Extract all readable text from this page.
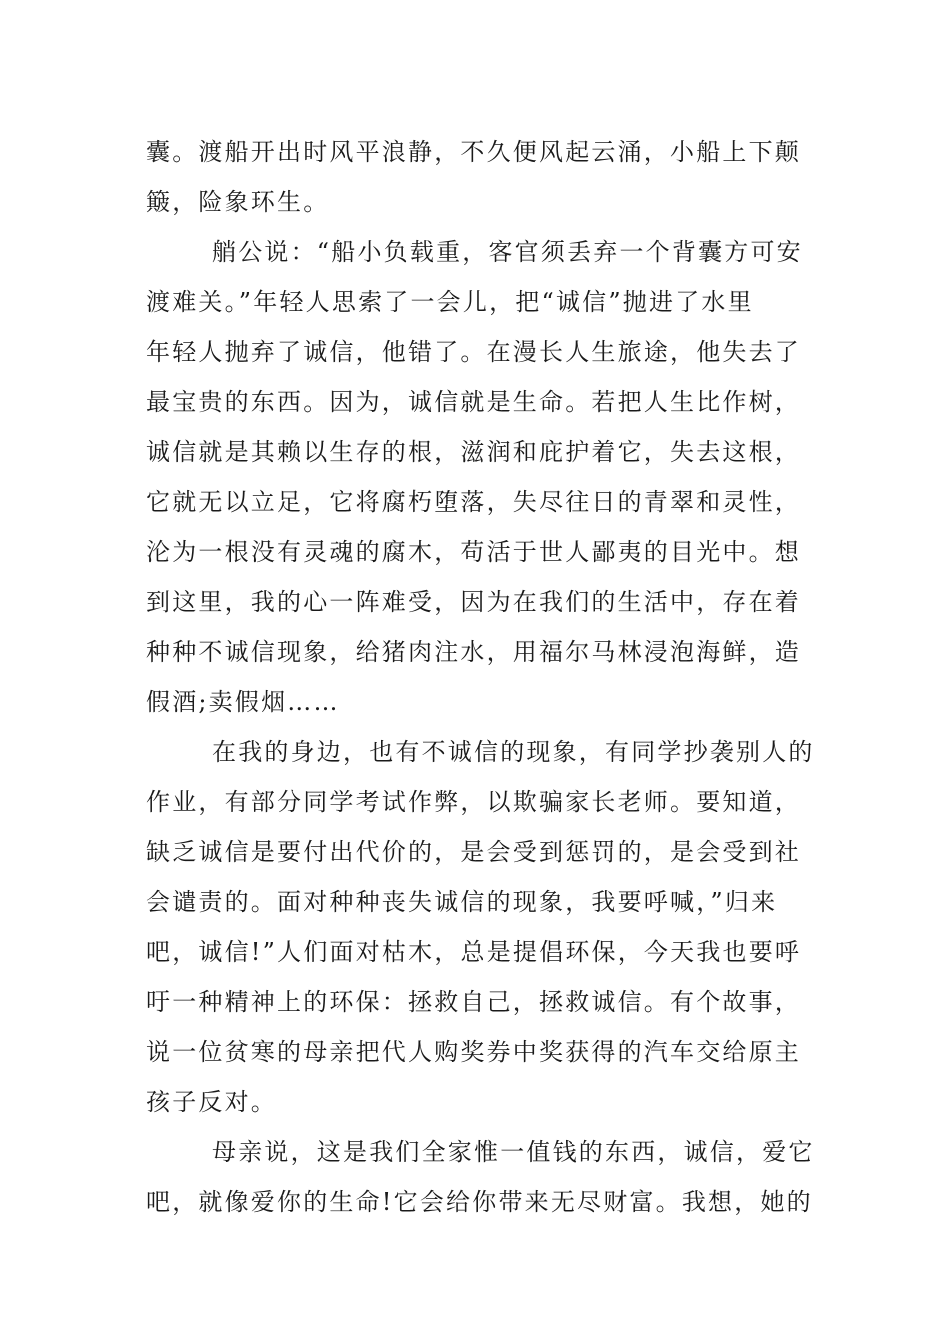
囊。渡船开出时风平浪静，不久便风起云涌，小船上下颠
簸，险象环生。
艄公说：“船小负载重，客官须丢弃一个背囊方可安
渡难关。”年轻人思索了一会儿，把“诚信”抛进了水里
年轻人抛弃了诚信，他错了。在漫长人生旅途，他失去了
最宝贵的东西。因为，诚信就是生命。若把人生比作树，
诚信就是其赖以生存的根，滋润和庇护着它，失去这根，
它就无以立足，它将腐朽堕落，失尽往日的青翠和灵性，
沦为一根没有灵魂的腐木，苟活于世人鄙夷的目光中。想
到这里，我的心一阵难受，因为在我们的生活中，存在着
种种不诚信现象，给猪肉注水，用福尔马林浸泡海鲜，造
假酒;卖假烟……
在我的身边，也有不诚信的现象，有同学抄袭别人的
作业，有部分同学考试作弊，以欺骗家长老师。要知道，
缺乏诚信是要付出代价的，是会受到惩罚的，是会受到社
会谴责的。面对种种丧失诚信的现象，我要呼喊，”归来
吧，诚信!”人们面对枯木，总是提倡环保，今天我也要呼
吁一种精神上的环保：拯救自己，拯救诚信。有个故事，
说一位贫寒的母亲把代人购奖券中奖获得的汽车交给原主
孩子反对。
母亲说，这是我们全家惟一值钱的东西，诚信，爱它
吧，就像爱你的生命!它会给你带来无尽财富。我想，她的
